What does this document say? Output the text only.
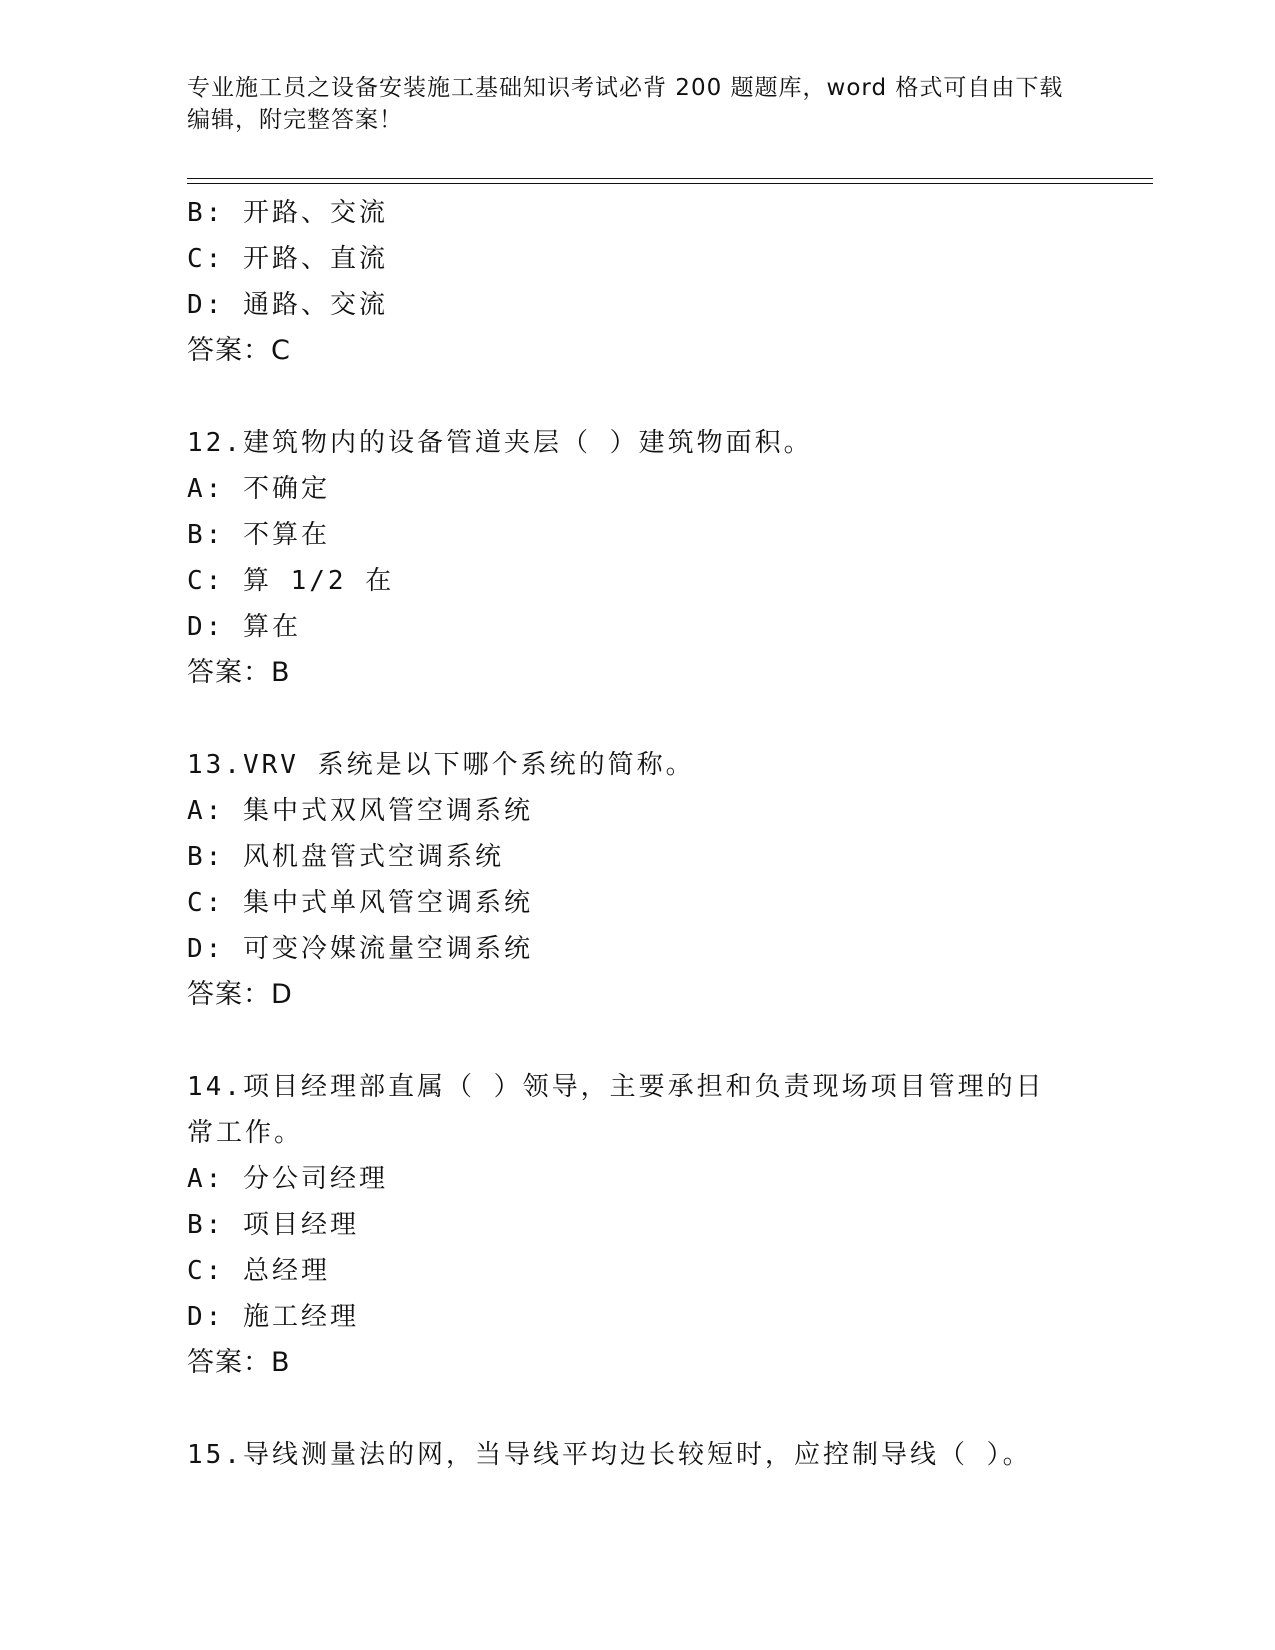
专业施工员之设备安装施工基础知识考试必背 200 题题库，word 格式可自由下载编辑，附完整答案！
B: 开路、交流
C: 开路、直流
D: 通路、交流
答案：C
12.建筑物内的设备管道夹层（ ）建筑物面积。
A: 不确定
B: 不算在
C: 算 1/2 在
D: 算在
答案：B
13.VRV 系统是以下哪个系统的简称。
A: 集中式双风管空调系统
B: 风机盘管式空调系统
C: 集中式单风管空调系统
D: 可变冷媒流量空调系统
答案：D
14.项目经理部直属（ ）领导，主要承担和负责现场项目管理的日常工作。
A: 分公司经理
B: 项目经理
C: 总经理
D: 施工经理
答案：B
15.导线测量法的网，当导线平均边长较短时，应控制导线（ ）。
